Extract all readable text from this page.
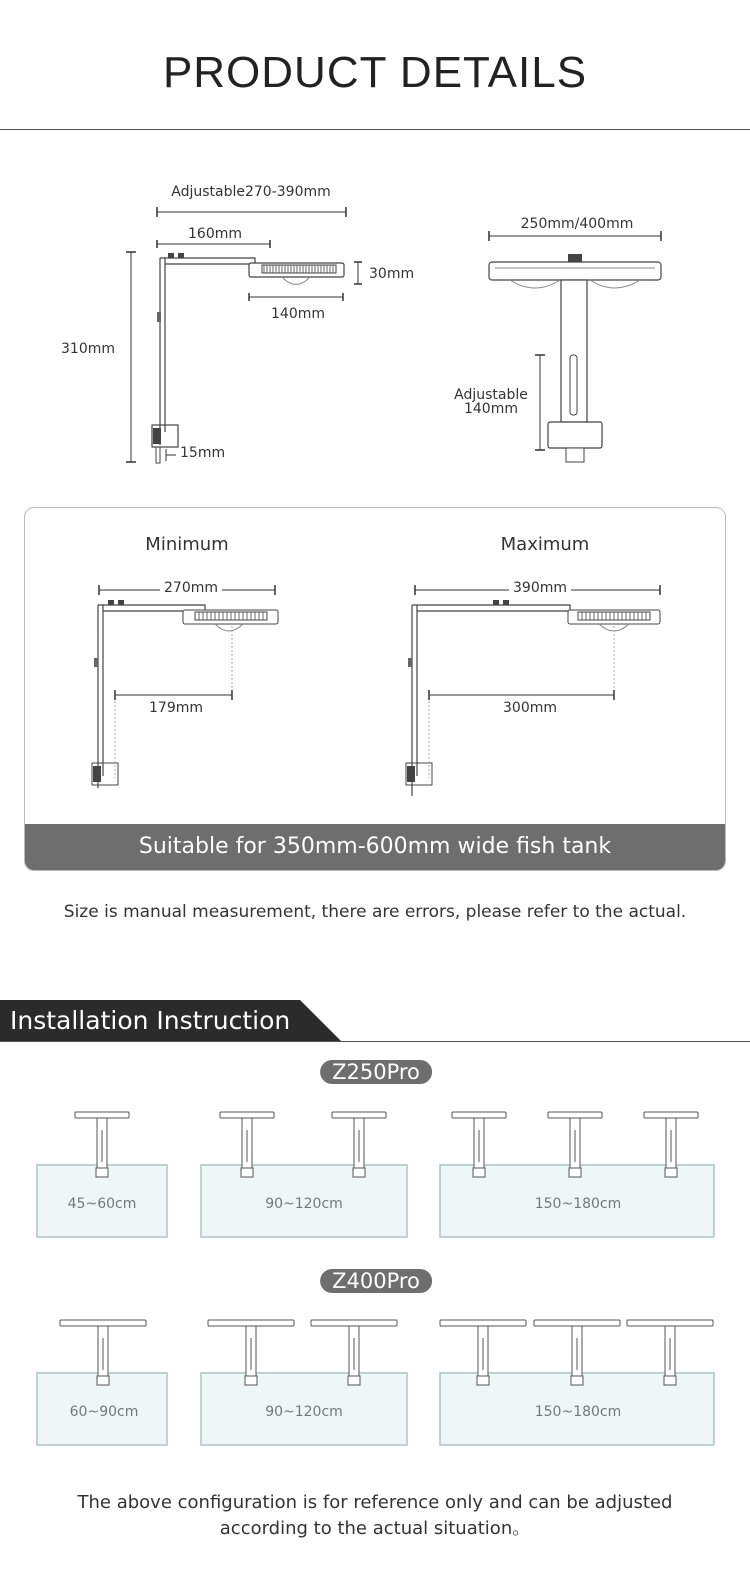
PRODUCT DETAILS
Adjustable270-390mm
160mm
30mm
140mm
310mm
15mm
250mm/400mm
Adjustable
140mm
Minimum
270mm
179mm
Maximum
390mm
300mm
Suitable for 350mm-600mm wide fish tank
Size is manual measurement, there are errors, please refer to the actual.
Installation Instruction
Z250Pro
Z400Pro
45~60cm	90~120cm	150~180cm
60~90cm	90~120cm	150~180cm
The above configuration is for reference only and can be adjusted
according to the actual situation。
